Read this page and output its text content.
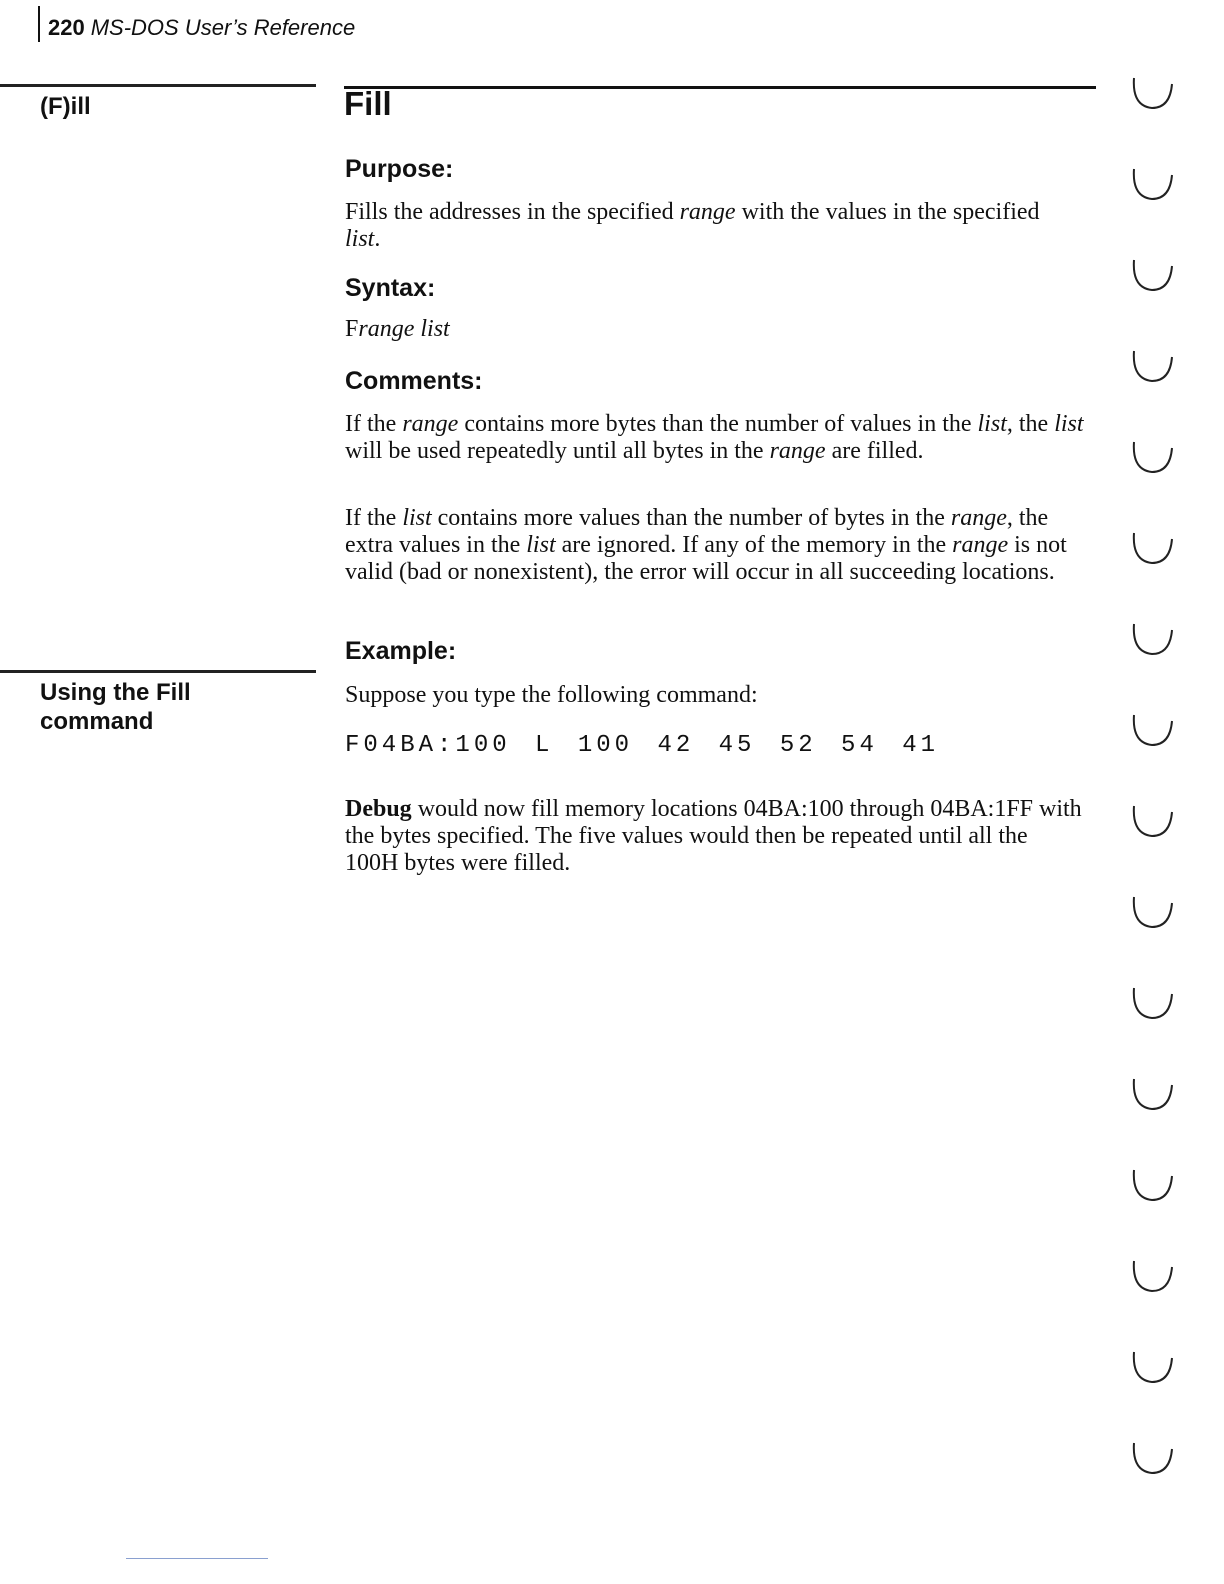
220 MS-DOS User’s Reference
(F)ill	Fill
Purpose:
Fills the addresses in the specified range with the values in the specified list.
Syntax:
Frange list
Comments:
If the range contains more bytes than the number of values in the list, the list will be used repeatedly until all bytes in the range are filled.
If the list contains more values than the number of bytes in the range, the extra values in the list are ignored. If any of the memory in the range is not valid (bad or nonexistent), the error will occur in all succeeding locations.
Using the Fill
command
Example:
Suppose you type the following command:
F04BA:100 L 100 42 45 52 54 41
Debug would now fill memory locations 04BA:100 through 04BA:1FF with the bytes specified. The five values would then be repeated until all the 100H bytes were filled.
